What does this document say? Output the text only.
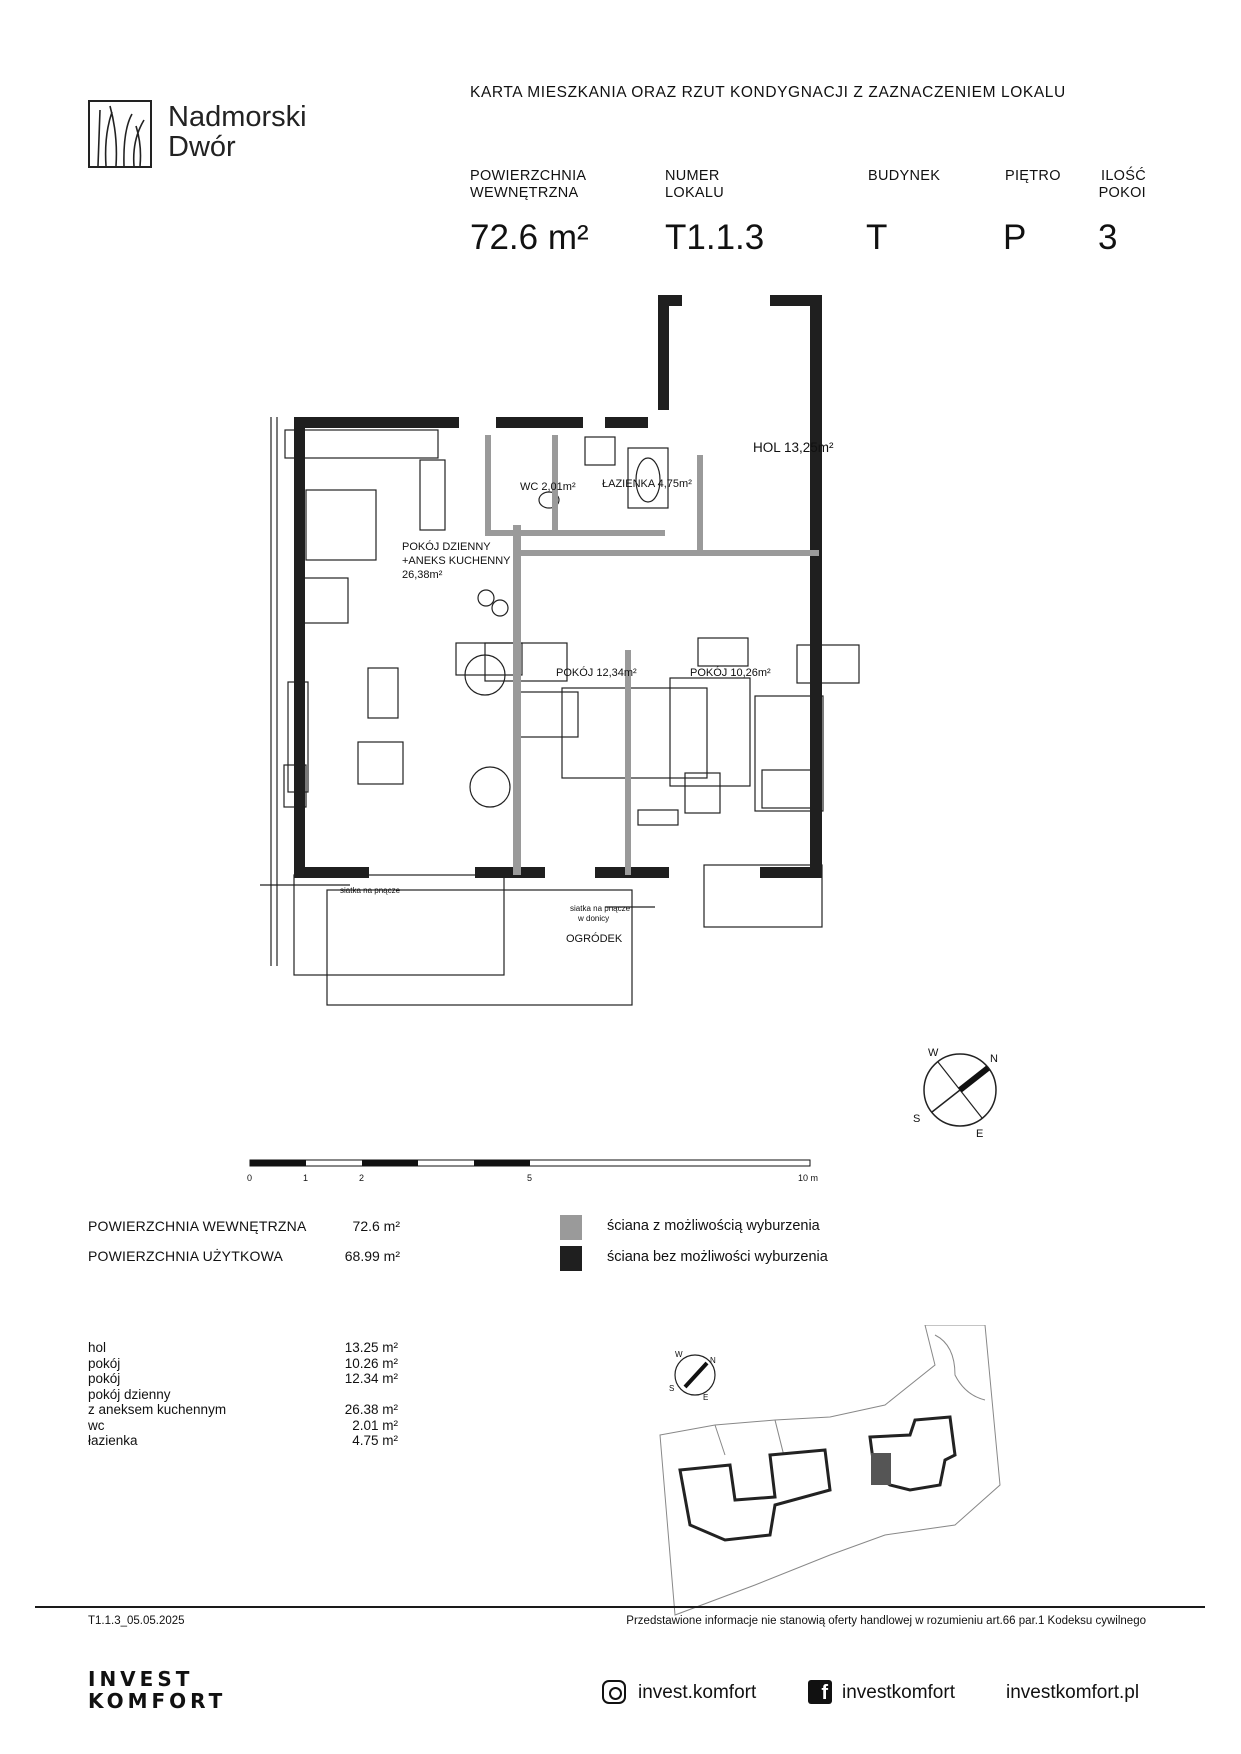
Nadmorski
Dwór
KARTA MIESZKANIA ORAZ RZUT KONDYGNACJI Z ZAZNACZENIEM LOKALU
POWIERZCHNIA
WEWNĘTRZNA
NUMER
LOKALU
BUDYNEK	PIĘTRO	ILOŚĆ
POKOI
72.6 m² T1.1.3	T	P 3
HOL 13,25m²
WC 2,01m² ŁAZIENKA 4,75m²
POKÓJ DZIENNY
+ANEKS KUCHENNY
26,38m²
POKÓJ 12,34m²	POKÓJ 10,26m²
OGRÓDEK
siatka na pnącze
siatka na pnącze
w donicy
N
E
S
W
0	1	2	5	10 m
POWIERZCHNIA WEWNĘTRZNA	72.6 m²
POWIERZCHNIA UŻYTKOWA	68.99 m²
ściana z możliwością wyburzenia
ściana bez możliwości wyburzenia
hol	13.25 m²
pokój	10.26 m²
pokój	12.34 m²
pokój dzienny
z aneksem kuchennym	26.38 m²
wc	2.01 m²
łazienka	4.75 m²
N
E
S
W
T1.1.3_05.05.2025	Przedstawione informacje nie stanowią oferty handlowej w rozumieniu art.66 par.1 Kodeksu cywilnego
INVEST
KOMFORT	invest.komfort	f investkomfort	investkomfort.pl
